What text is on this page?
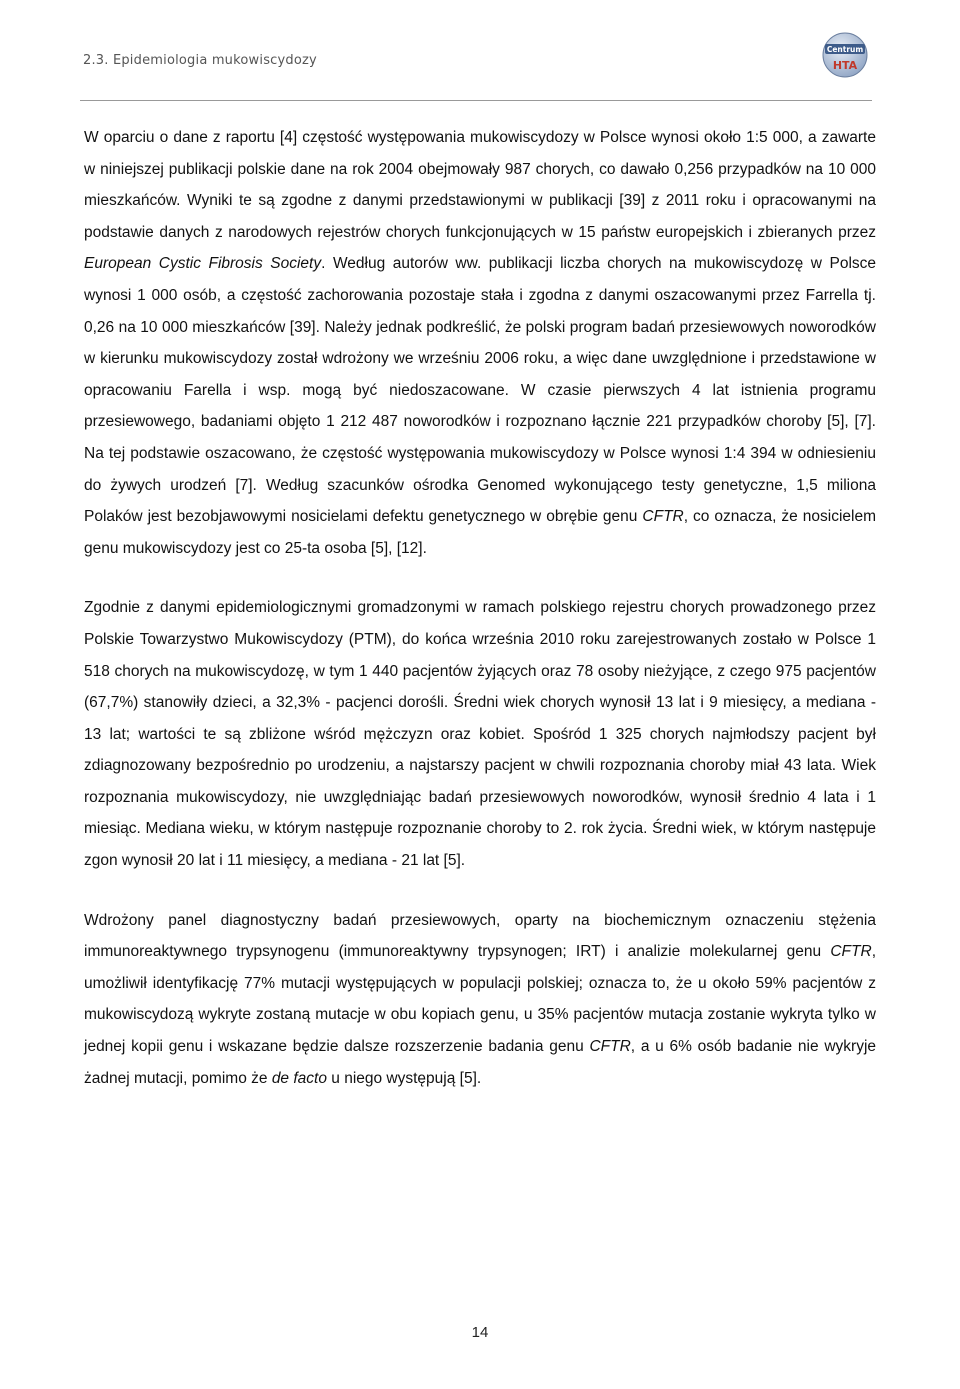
2.3. Epidemiologia mukowiscydozy
Centrum
HTA

W oparciu o dane z raportu [4] częstość występowania mukowiscydozy w Polsce wynosi około 1:5 000, a zawarte w niniejszej publikacji polskie dane na rok 2004 obejmowały 987 chorych, co dawało 0,256 przypadków na 10 000 mieszkańców. Wyniki te są zgodne z danymi przedstawionymi w publikacji [39] z 2011 roku i opracowanymi na podstawie danych z narodowych rejestrów chorych funkcjonujących w 15 państw europejskich i zbieranych przez European Cystic Fibrosis Society. Według autorów ww. publikacji liczba chorych na mukowiscydozę w Polsce wynosi 1 000 osób, a częstość zachorowania pozostaje stała i zgodna z danymi oszacowanymi przez Farrella tj. 0,26 na 10 000 mieszkańców [39]. Należy jednak podkreślić, że polski program badań przesiewowych noworodków w kierunku mukowiscydozy został wdrożony we wrześniu 2006 roku, a więc dane uwzględnione i przedstawione w opracowaniu Farella i wsp. mogą być niedoszacowane. W czasie pierwszych 4 lat istnienia programu przesiewowego, badaniami objęto 1 212 487 noworodków i rozpoznano łącznie 221 przypadków choroby [5], [7]. Na tej podstawie oszacowano, że częstość występowania mukowiscydozy w Polsce wynosi 1:4 394 w odniesieniu do żywych urodzeń [7]. Według szacunków ośrodka Genomed wykonującego testy genetyczne, 1,5 miliona Polaków jest bezobjawowymi nosicielami defektu genetycznego w obrębie genu CFTR, co oznacza, że nosicielem genu mukowiscydozy jest co 25-ta osoba [5], [12].

Zgodnie z danymi epidemiologicznymi gromadzonymi w ramach polskiego rejestru chorych prowadzonego przez Polskie Towarzystwo Mukowiscydozy (PTM), do końca września 2010 roku zarejestrowanych zostało w Polsce 1 518 chorych na mukowiscydozę, w tym 1 440 pacjentów żyjących oraz 78 osoby nieżyjące, z czego 975 pacjentów (67,7%) stanowiły dzieci, a 32,3% - pacjenci dorośli. Średni wiek chorych wynosił 13 lat i 9 miesięcy, a mediana - 13 lat; wartości te są zbliżone wśród mężczyzn oraz kobiet. Spośród 1 325 chorych najmłodszy pacjent był zdiagnozowany bezpośrednio po urodzeniu, a najstarszy pacjent w chwili rozpoznania choroby miał 43 lata. Wiek rozpoznania mukowiscydozy, nie uwzględniając badań przesiewowych noworodków, wynosił średnio 4 lata i 1 miesiąc. Mediana wieku, w którym następuje rozpoznanie choroby to 2. rok życia. Średni wiek, w którym następuje zgon wynosił 20 lat i 11 miesięcy, a mediana - 21 lat [5].

Wdrożony panel diagnostyczny badań przesiewowych, oparty na biochemicznym oznaczeniu stężenia immunoreaktywnego trypsynogenu (immunoreaktywny trypsynogen; IRT) i analizie molekularnej genu CFTR, umożliwił identyfikację 77% mutacji występujących w populacji polskiej; oznacza to, że u około 59% pacjentów z mukowiscydozą wykryte zostaną mutacje w obu kopiach genu, u 35% pacjentów mutacja zostanie wykryta tylko w jednej kopii genu i wskazane będzie dalsze rozszerzenie badania genu CFTR, a u 6% osób badanie nie wykryje żadnej mutacji, pomimo że de facto u niego występują [5].

14
